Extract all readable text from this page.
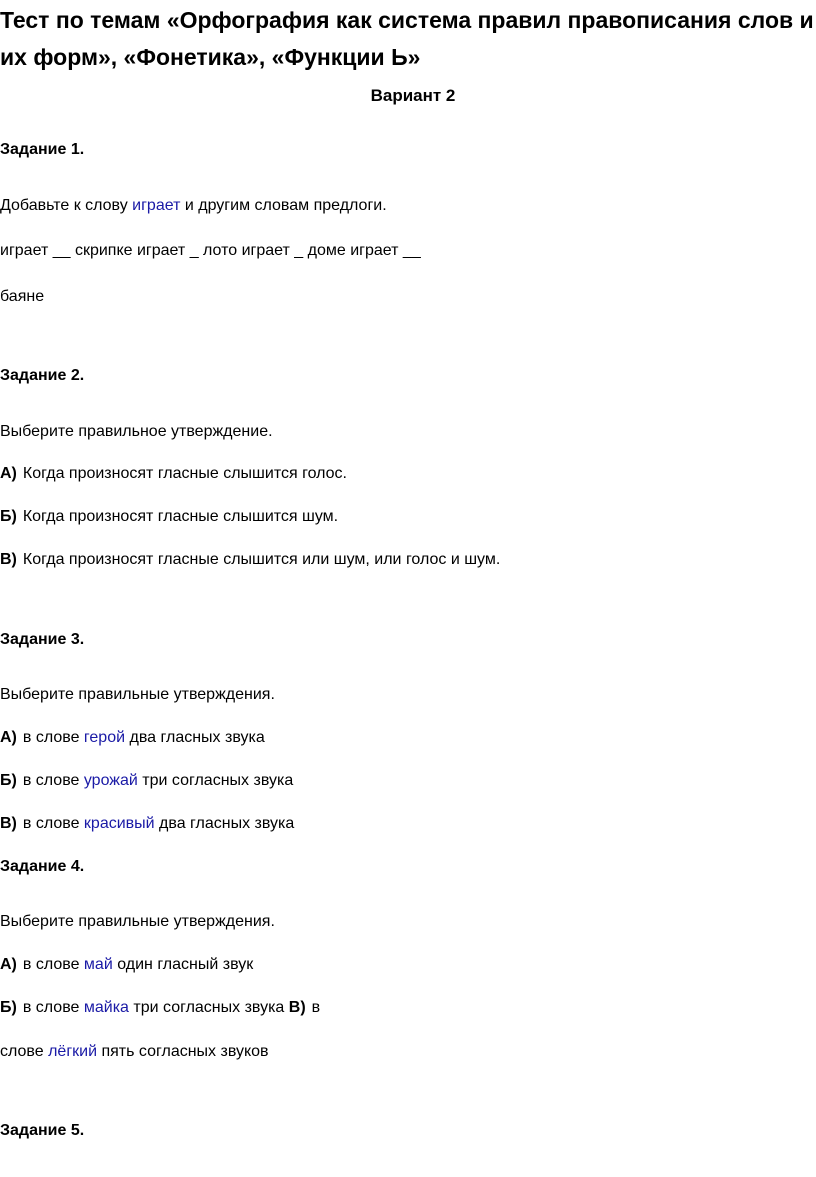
Тест по темам «Орфография как система правил правописания слов и их форм», «Фонетика», «Функции Ь»
Вариант 2
Задание 1.
Добавьте к слову играет и другим словам предлоги.
играет __ скрипке играет _ лото играет _ доме играет __
баяне
Задание 2.
Выберите правильное утверждение.
А) Когда произносят гласные слышится голос.
Б) Когда произносят гласные слышится шум.
В) Когда произносят гласные слышится или шум, или голос и шум.
Задание 3.
Выберите правильные утверждения.
А) в слове герой два гласных звука
Б) в слове урожай три согласных звука
В) в слове красивый два гласных звука
Задание 4.
Выберите правильные утверждения.
А) в слове май один гласный звук
Б) в слове майка три согласных звука В) в
слове лёгкий пять согласных звуков
Задание 5.
